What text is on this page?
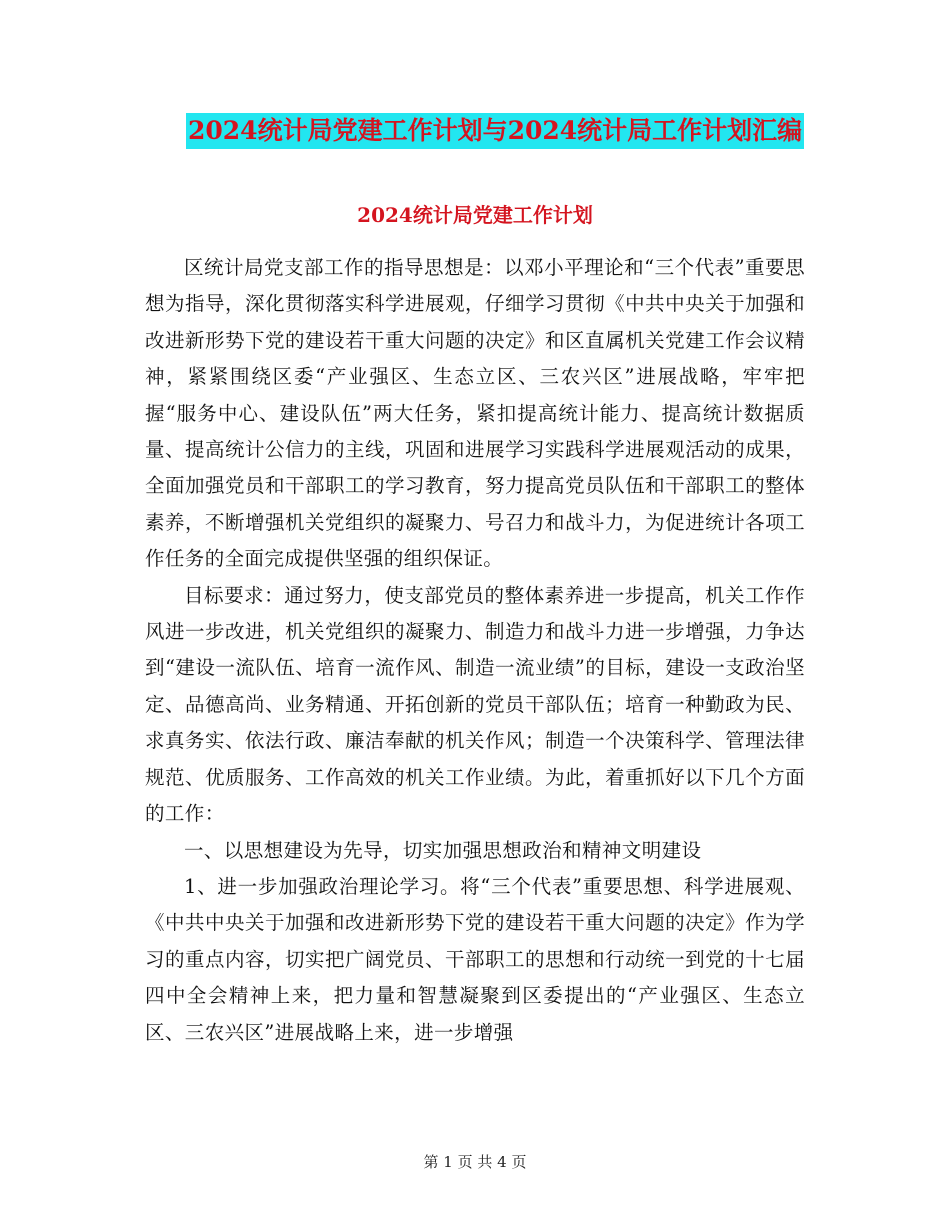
2024统计局党建工作计划与2024统计局工作计划汇编
2024统计局党建工作计划

区统计局党支部工作的指导思想是：以邓小平理论和“三个代表”重要思想为指导，深化贯彻落实科学进展观，仔细学习贯彻《中共中央关于加强和改进新形势下党的建设若干重大问题的决定》和区直属机关党建工作会议精神，紧紧围绕区委“产业强区、生态立区、三农兴区”进展战略，牢牢把握“服务中心、建设队伍”两大任务，紧扣提高统计能力、提高统计数据质量、提高统计公信力的主线，巩固和进展学习实践科学进展观活动的成果，全面加强党员和干部职工的学习教育，努力提高党员队伍和干部职工的整体素养，不断增强机关党组织的凝聚力、号召力和战斗力，为促进统计各项工作任务的全面完成提供坚强的组织保证。

目标要求：通过努力，使支部党员的整体素养进一步提高，机关工作作风进一步改进，机关党组织的凝聚力、制造力和战斗力进一步增强，力争达到“建设一流队伍、培育一流作风、制造一流业绩”的目标，建设一支政治坚定、品德高尚、业务精通、开拓创新的党员干部队伍；培育一种勤政为民、求真务实、依法行政、廉洁奉献的机关作风；制造一个决策科学、管理法律规范、优质服务、工作高效的机关工作业绩。为此，着重抓好以下几个方面的工作：

一、以思想建设为先导，切实加强思想政治和精神文明建设

1、进一步加强政治理论学习。将“三个代表”重要思想、科学进展观、《中共中央关于加强和改进新形势下党的建设若干重大问题的决定》作为学习的重点内容，切实把广阔党员、干部职工的思想和行动统一到党的十七届四中全会精神上来，把力量和智慧凝聚到区委提出的“产业强区、生态立区、三农兴区”进展战略上来，进一步增强

第 1 页 共 4 页
